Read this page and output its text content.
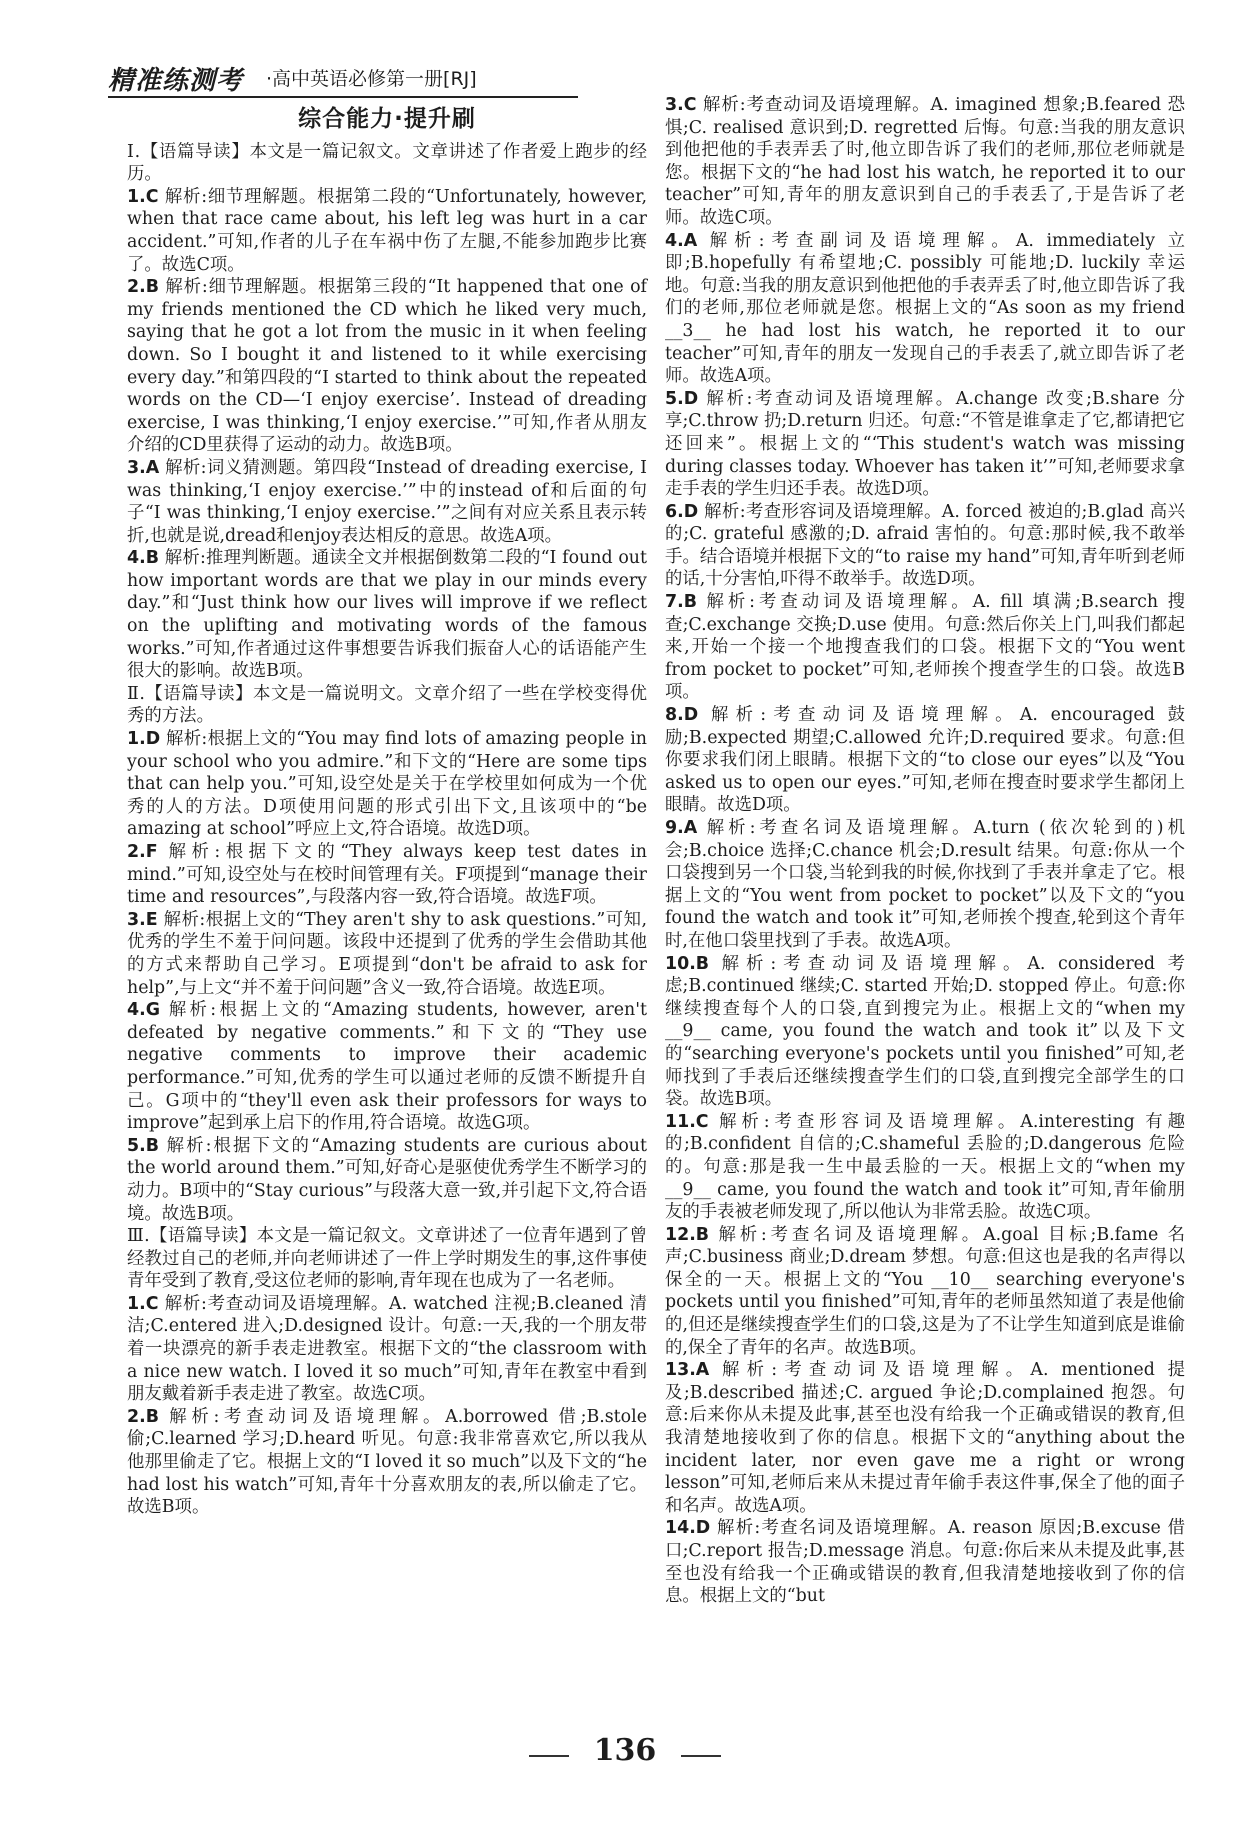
精准练测考 ·高中英语必修第一册[RJ]
综合能力·提升刷

Ⅰ.【语篇导读】本文是一篇记叙文。文章讲述了作者爱上跑步的经历。

1.C 解析:细节理解题。根据第二段的“Unfortunately, however, when that race came about, his left leg was hurt in a car accident.”可知,作者的儿子在车祸中伤了左腿,不能参加跑步比赛了。故选C项。

2.B 解析:细节理解题。根据第三段的“It happened that one of my friends mentioned the CD which he liked very much, saying that he got a lot from the music in it when feeling down. So I bought it and listened to it while exercising every day.”和第四段的“I started to think about the repeated words on the CD—‘I enjoy exercise’. Instead of dreading exercise, I was thinking,‘I enjoy exercise.’”可知,作者从朋友介绍的CD里获得了运动的动力。故选B项。

3.A 解析:词义猜测题。第四段“Instead of dreading exercise, I was thinking,‘I enjoy exercise.’”中的instead of和后面的句子“I was thinking,‘I enjoy exercise.’”之间有对应关系且表示转折,也就是说,dread和enjoy表达相反的意思。故选A项。

4.B 解析:推理判断题。通读全文并根据倒数第二段的“I found out how important words are that we play in our minds every day.”和“Just think how our lives will improve if we reflect on the uplifting and motivating words of the famous works.”可知,作者通过这件事想要告诉我们振奋人心的话语能产生很大的影响。故选B项。

Ⅱ.【语篇导读】本文是一篇说明文。文章介绍了一些在学校变得优秀的方法。

1.D 解析:根据上文的“You may find lots of amazing people in your school who you admire.”和下文的“Here are some tips that can help you.”可知,设空处是关于在学校里如何成为一个优秀的人的方法。D项使用问题的形式引出下文,且该项中的“be amazing at school”呼应上文,符合语境。故选D项。

2.F 解析:根据下文的“They always keep test dates in mind.”可知,设空处与在校时间管理有关。F项提到“manage their time and resources”,与段落内容一致,符合语境。故选F项。

3.E 解析:根据上文的“They aren't shy to ask questions.”可知,优秀的学生不羞于问问题。该段中还提到了优秀的学生会借助其他的方式来帮助自己学习。E项提到“don't be afraid to ask for help”,与上文“并不羞于问问题”含义一致,符合语境。故选E项。

4.G 解析:根据上文的“Amazing students, however, aren't defeated by negative comments.”和下文的“They use negative comments to improve their academic performance.”可知,优秀的学生可以通过老师的反馈不断提升自己。G项中的“they'll even ask their professors for ways to improve”起到承上启下的作用,符合语境。故选G项。

5.B 解析:根据下文的“Amazing students are curious about the world around them.”可知,好奇心是驱使优秀学生不断学习的动力。B项中的“Stay curious”与段落大意一致,并引起下文,符合语境。故选B项。

Ⅲ.【语篇导读】本文是一篇记叙文。文章讲述了一位青年遇到了曾经教过自己的老师,并向老师讲述了一件上学时期发生的事,这件事使青年受到了教育,受这位老师的影响,青年现在也成为了一名老师。

1.C 解析:考查动词及语境理解。A. watched 注视;B.cleaned 清洁;C.entered 进入;D.designed 设计。句意:一天,我的一个朋友带着一块漂亮的新手表走进教室。根据下文的“the classroom with a nice new watch. I loved it so much”可知,青年在教室中看到朋友戴着新手表走进了教室。故选C项。

2.B 解析:考查动词及语境理解。A.borrowed 借;B.stole 偷;C.learned 学习;D.heard 听见。句意:我非常喜欢它,所以我从他那里偷走了它。根据上文的“I loved it so much”以及下文的“he had lost his watch”可知,青年十分喜欢朋友的表,所以偷走了它。故选B项。

3.C 解析:考查动词及语境理解。A. imagined 想象;B.feared 恐惧;C. realised 意识到;D. regretted 后悔。句意:当我的朋友意识到他把他的手表弄丢了时,他立即告诉了我们的老师,那位老师就是您。根据下文的“he had lost his watch, he reported it to our teacher”可知,青年的朋友意识到自己的手表丢了,于是告诉了老师。故选C项。

4.A 解析:考查副词及语境理解。A. immediately 立即;B.hopefully 有希望地;C. possibly 可能地;D. luckily 幸运地。句意:当我的朋友意识到他把他的手表弄丢了时,他立即告诉了我们的老师,那位老师就是您。根据上文的“As soon as my friend __3__ he had lost his watch, he reported it to our teacher”可知,青年的朋友一发现自己的手表丢了,就立即告诉了老师。故选A项。

5.D 解析:考查动词及语境理解。A.change 改变;B.share 分享;C.throw 扔;D.return 归还。句意:“不管是谁拿走了它,都请把它还回来”。根据上文的“‘This student's watch was missing during classes today. Whoever has taken it’”可知,老师要求拿走手表的学生归还手表。故选D项。

6.D 解析:考查形容词及语境理解。A. forced 被迫的;B.glad 高兴的;C. grateful 感激的;D. afraid 害怕的。句意:那时候,我不敢举手。结合语境并根据下文的“to raise my hand”可知,青年听到老师的话,十分害怕,吓得不敢举手。故选D项。

7.B 解析:考查动词及语境理解。A. fill 填满;B.search 搜查;C.exchange 交换;D.use 使用。句意:然后你关上门,叫我们都起来,开始一个接一个地搜查我们的口袋。根据下文的“You went from pocket to pocket”可知,老师挨个搜查学生的口袋。故选B项。

8.D 解析:考查动词及语境理解。A. encouraged 鼓励;B.expected 期望;C.allowed 允许;D.required 要求。句意:但你要求我们闭上眼睛。根据下文的“to close our eyes”以及“You asked us to open our eyes.”可知,老师在搜查时要求学生都闭上眼睛。故选D项。

9.A 解析:考查名词及语境理解。A.turn (依次轮到的)机会;B.choice 选择;C.chance 机会;D.result 结果。句意:你从一个口袋搜到另一个口袋,当轮到我的时候,你找到了手表并拿走了它。根据上文的“You went from pocket to pocket”以及下文的“you found the watch and took it”可知,老师挨个搜查,轮到这个青年时,在他口袋里找到了手表。故选A项。

10.B 解析:考查动词及语境理解。A. considered 考虑;B.continued 继续;C. started 开始;D. stopped 停止。句意:你继续搜查每个人的口袋,直到搜完为止。根据上文的“when my __9__ came, you found the watch and took it”以及下文的“searching everyone's pockets until you finished”可知,老师找到了手表后还继续搜查学生们的口袋,直到搜完全部学生的口袋。故选B项。

11.C 解析:考查形容词及语境理解。A.interesting 有趣的;B.confident 自信的;C.shameful 丢脸的;D.dangerous 危险的。句意:那是我一生中最丢脸的一天。根据上文的“when my __9__ came, you found the watch and took it”可知,青年偷朋友的手表被老师发现了,所以他认为非常丢脸。故选C项。

12.B 解析:考查名词及语境理解。A.goal 目标;B.fame 名声;C.business 商业;D.dream 梦想。句意:但这也是我的名声得以保全的一天。根据上文的“You __10__ searching everyone's pockets until you finished”可知,青年的老师虽然知道了表是他偷的,但还是继续搜查学生们的口袋,这是为了不让学生知道到底是谁偷的,保全了青年的名声。故选B项。

13.A 解析:考查动词及语境理解。A. mentioned 提及;B.described 描述;C. argued 争论;D.complained 抱怨。句意:后来你从未提及此事,甚至也没有给我一个正确或错误的教育,但我清楚地接收到了你的信息。根据下文的“anything about the incident later, nor even gave me a right or wrong lesson”可知,老师后来从未提过青年偷手表这件事,保全了他的面子和名声。故选A项。

14.D 解析:考查名词及语境理解。A. reason 原因;B.excuse 借口;C.report 报告;D.message 消息。句意:你后来从未提及此事,甚至也没有给我一个正确或错误的教育,但我清楚地接收到了你的信息。根据上文的“but

136
